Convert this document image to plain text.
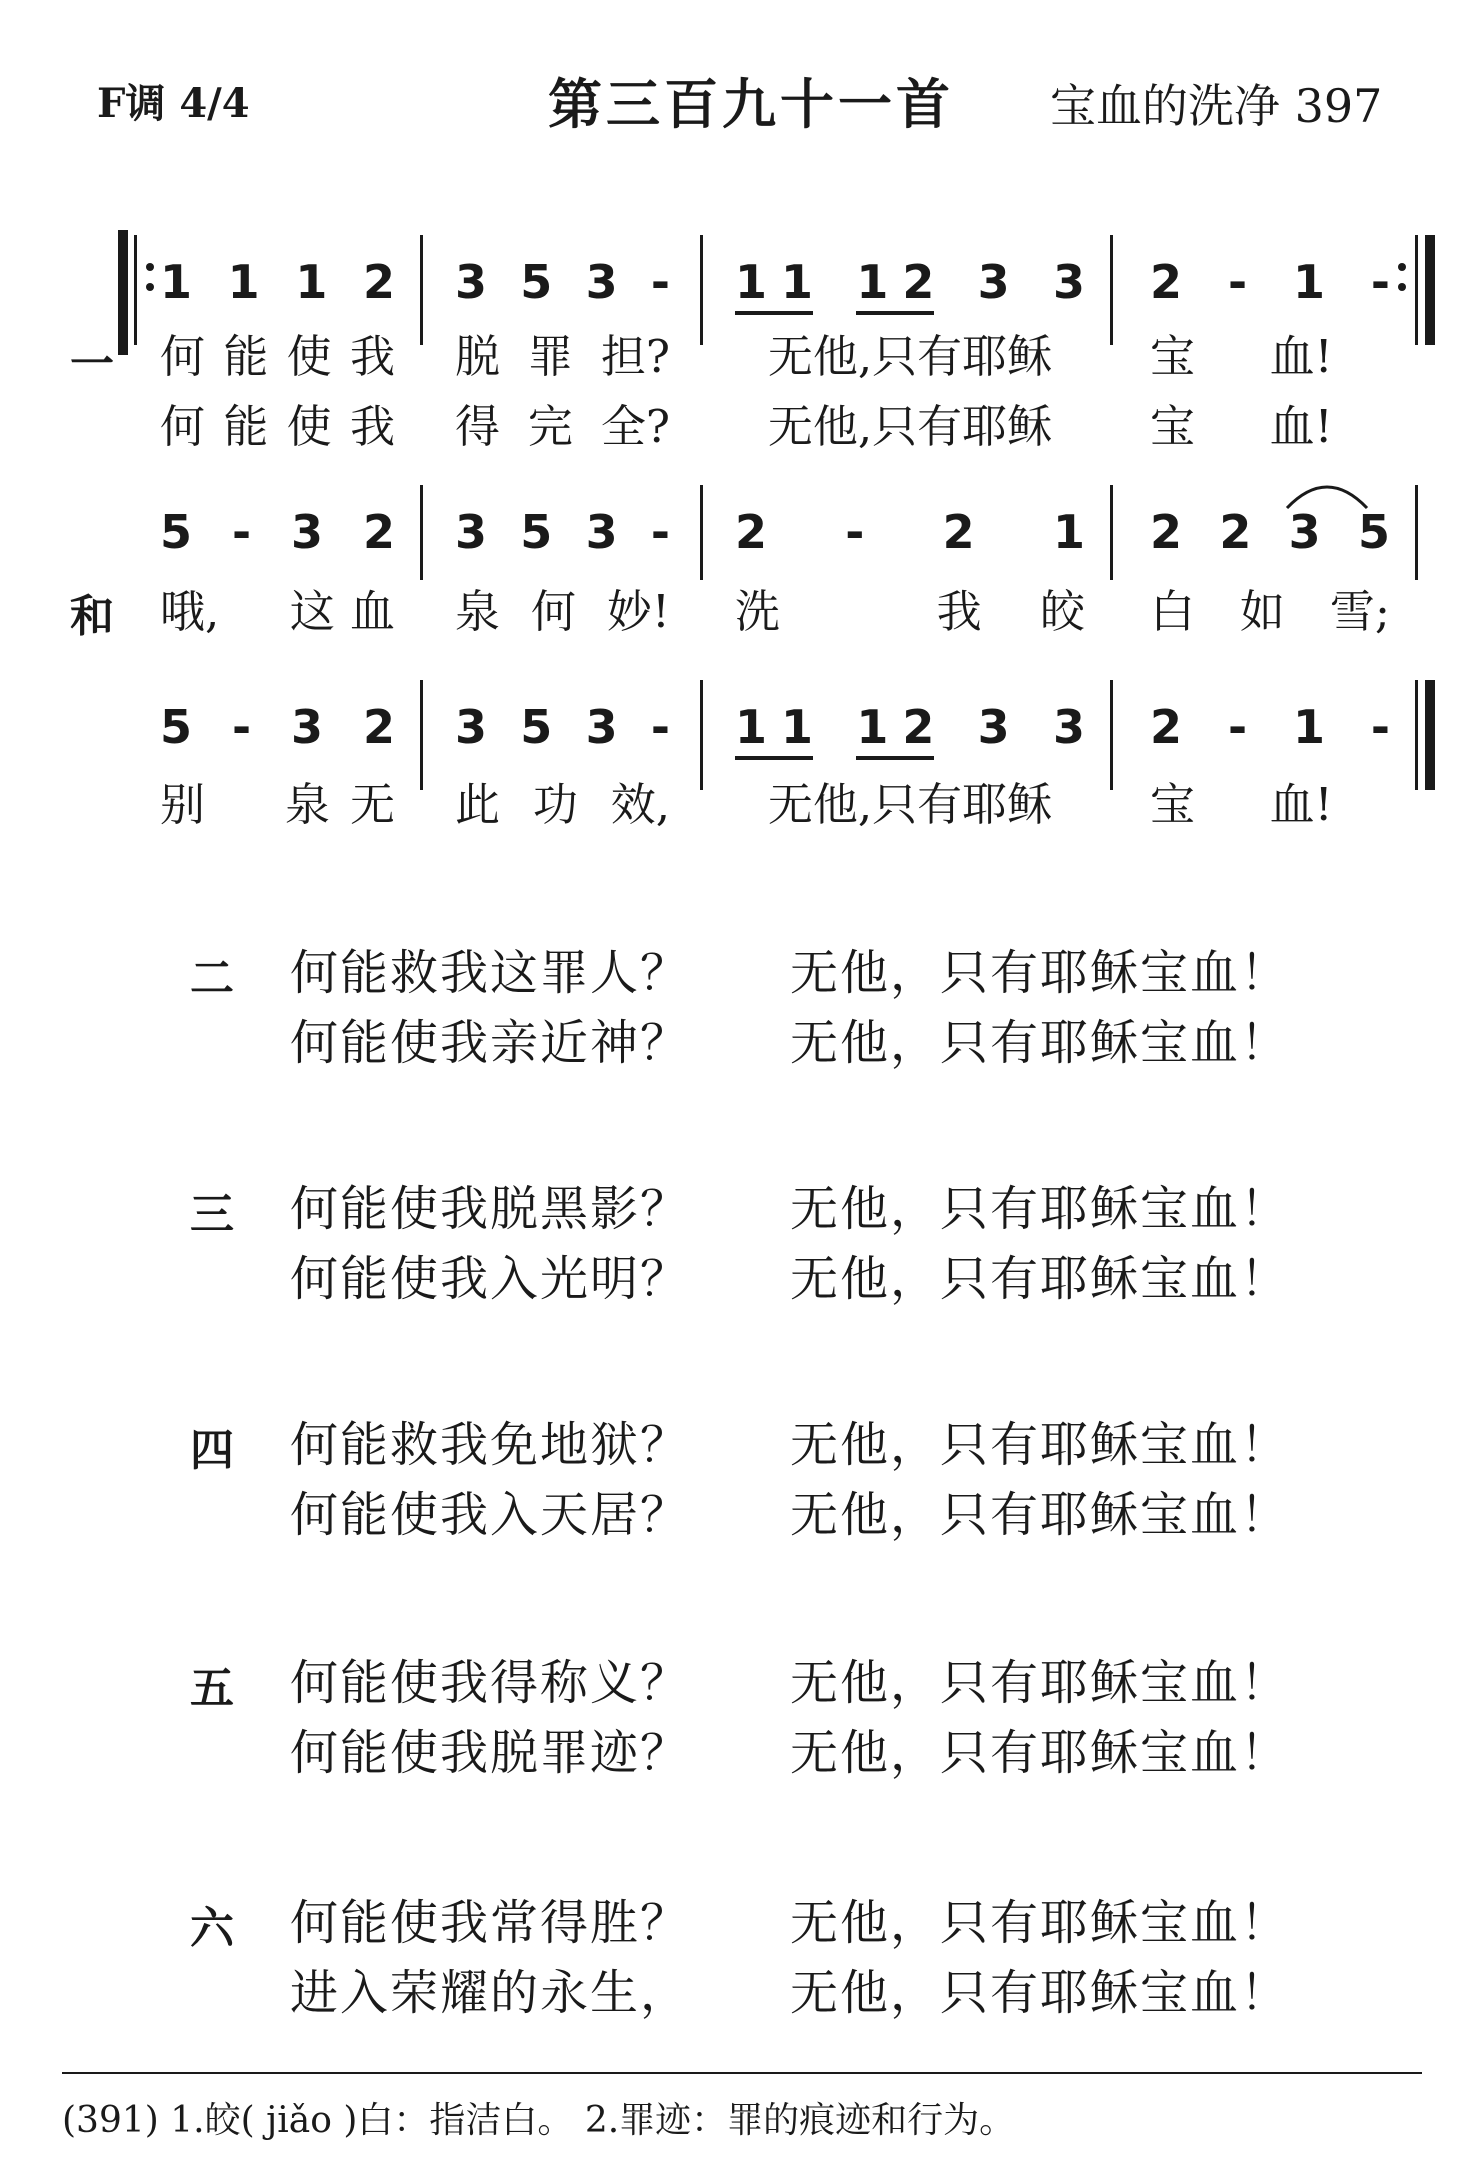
F调 4/4	第三百九十一首 宝血的洗净 397
1 1 1 2 3 5 3 - 1 1 1 2 3 3 2 - 1 -
一 何 能 使 我 脱 罪 担? 无他,只有耶稣 宝 血!
何 能 使 我 得 完 全? 无他,只有耶稣 宝 血!
5 - 3 2 3 5 3 - 2 - 2 1 2 2 3 5
和 哦, 这 血 泉 何 妙! 洗	我 皎 白 如 雪;
5 - 3 2 3 5 3 - 1 1 1 2 3 3 2 - 1 -
别 泉 无 此 功 效, 无他,只有耶稣 宝 血!
二 何能救我这罪人？ 无他，只有耶稣宝血！
何能使我亲近神？ 无他，只有耶稣宝血！
三 何能使我脱黑影？ 无他，只有耶稣宝血！
何能使我入光明？ 无他，只有耶稣宝血！
四 何能救我免地狱？ 无他，只有耶稣宝血！
何能使我入天居？ 无他，只有耶稣宝血！
五 何能使我得称义？ 无他，只有耶稣宝血！
何能使我脱罪迹？ 无他，只有耶稣宝血！
六 何能使我常得胜？ 无他，只有耶稣宝血！
进入荣耀的永生， 无他，只有耶稣宝血！
(391) 1.皎( jiǎo )白：指洁白。 2.罪迹：罪的痕迹和行为。
